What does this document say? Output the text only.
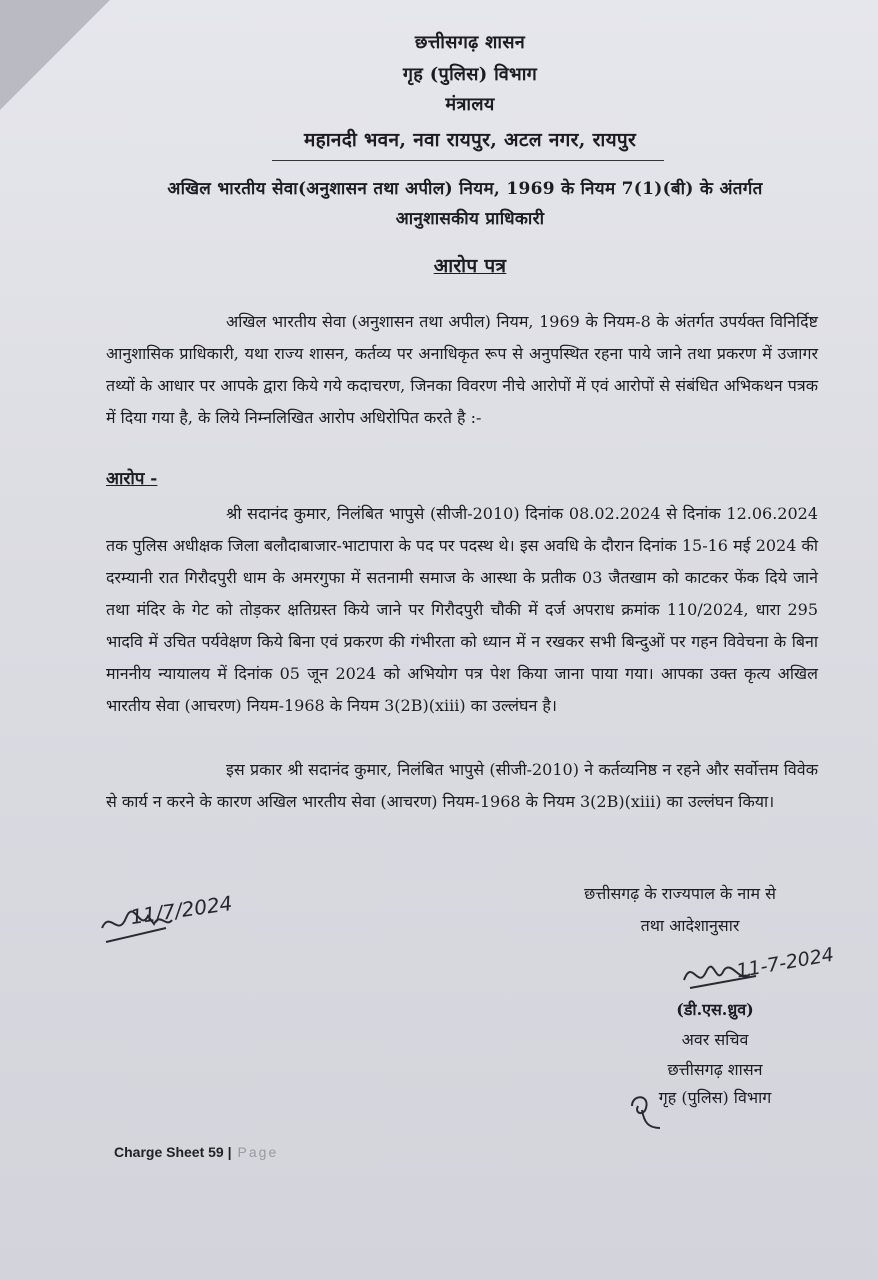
छत्तीसगढ़ शासन
गृह (पुलिस) विभाग
मंत्रालय
महानदी भवन, नवा रायपुर, अटल नगर, रायपुर
अखिल भारतीय सेवा(अनुशासन तथा अपील) नियम, 1969 के नियम 7(1)(बी) के अंतर्गत
आनुशासकीय प्राधिकारी
आरोप पत्र
अखिल भारतीय सेवा (अनुशासन तथा अपील) नियम, 1969 के नियम-8 के अंतर्गत उपर्यक्त विनिर्दिष्ट आनुशासिक प्राधिकारी, यथा राज्य शासन, कर्तव्य पर अनाधिकृत रूप से अनुपस्थित रहना पाये जाने तथा प्रकरण में उजागर तथ्यों के आधार पर आपके द्वारा किये गये कदाचरण, जिनका विवरण नीचे आरोपों में एवं आरोपों से संबंधित अभिकथन पत्रक में दिया गया है, के लिये निम्नलिखित आरोप अधिरोपित करते है :-
आरोप -
श्री सदानंद कुमार, निलंबित भापुसे (सीजी-2010) दिनांक 08.02.2024 से दिनांक 12.06.2024 तक पुलिस अधीक्षक जिला बलौदाबाजार-भाटापारा के पद पर पदस्थ थे। इस अवधि के दौरान दिनांक 15-16 मई 2024 की दरम्यानी रात गिरौदपुरी धाम के अमरगुफा में सतनामी समाज के आस्था के प्रतीक 03 जैतखाम को काटकर फेंक दिये जाने तथा मंदिर के गेट को तोड़कर क्षतिग्रस्त किये जाने पर गिरौदपुरी चौकी में दर्ज अपराध क्रमांक 110/2024, धारा 295 भादवि में उचित पर्यवेक्षण किये बिना एवं प्रकरण की गंभीरता को ध्यान में न रखकर सभी बिन्दुओं पर गहन विवेचना के बिना माननीय न्यायालय में दिनांक 05 जून 2024 को अभियोग पत्र पेश किया जाना पाया गया। आपका उक्त कृत्य अखिल भारतीय सेवा (आचरण) नियम-1968 के नियम 3(2B)(xiii) का उल्लंघन है।
इस प्रकार श्री सदानंद कुमार, निलंबित भापुसे (सीजी-2010) ने कर्तव्यनिष्ठ न रहने और सर्वोत्तम विवेक से कार्य न करने के कारण अखिल भारतीय सेवा (आचरण) नियम-1968 के नियम 3(2B)(xiii) का उल्लंघन किया।
छत्तीसगढ़ के राज्यपाल के नाम से
तथा आदेशानुसार
11/7/2024
11-7-2024
(डी.एस.ध्रुव)
अवर सचिव
छत्तीसगढ़ शासन
गृह (पुलिस) विभाग
Charge Sheet 59 | Page
